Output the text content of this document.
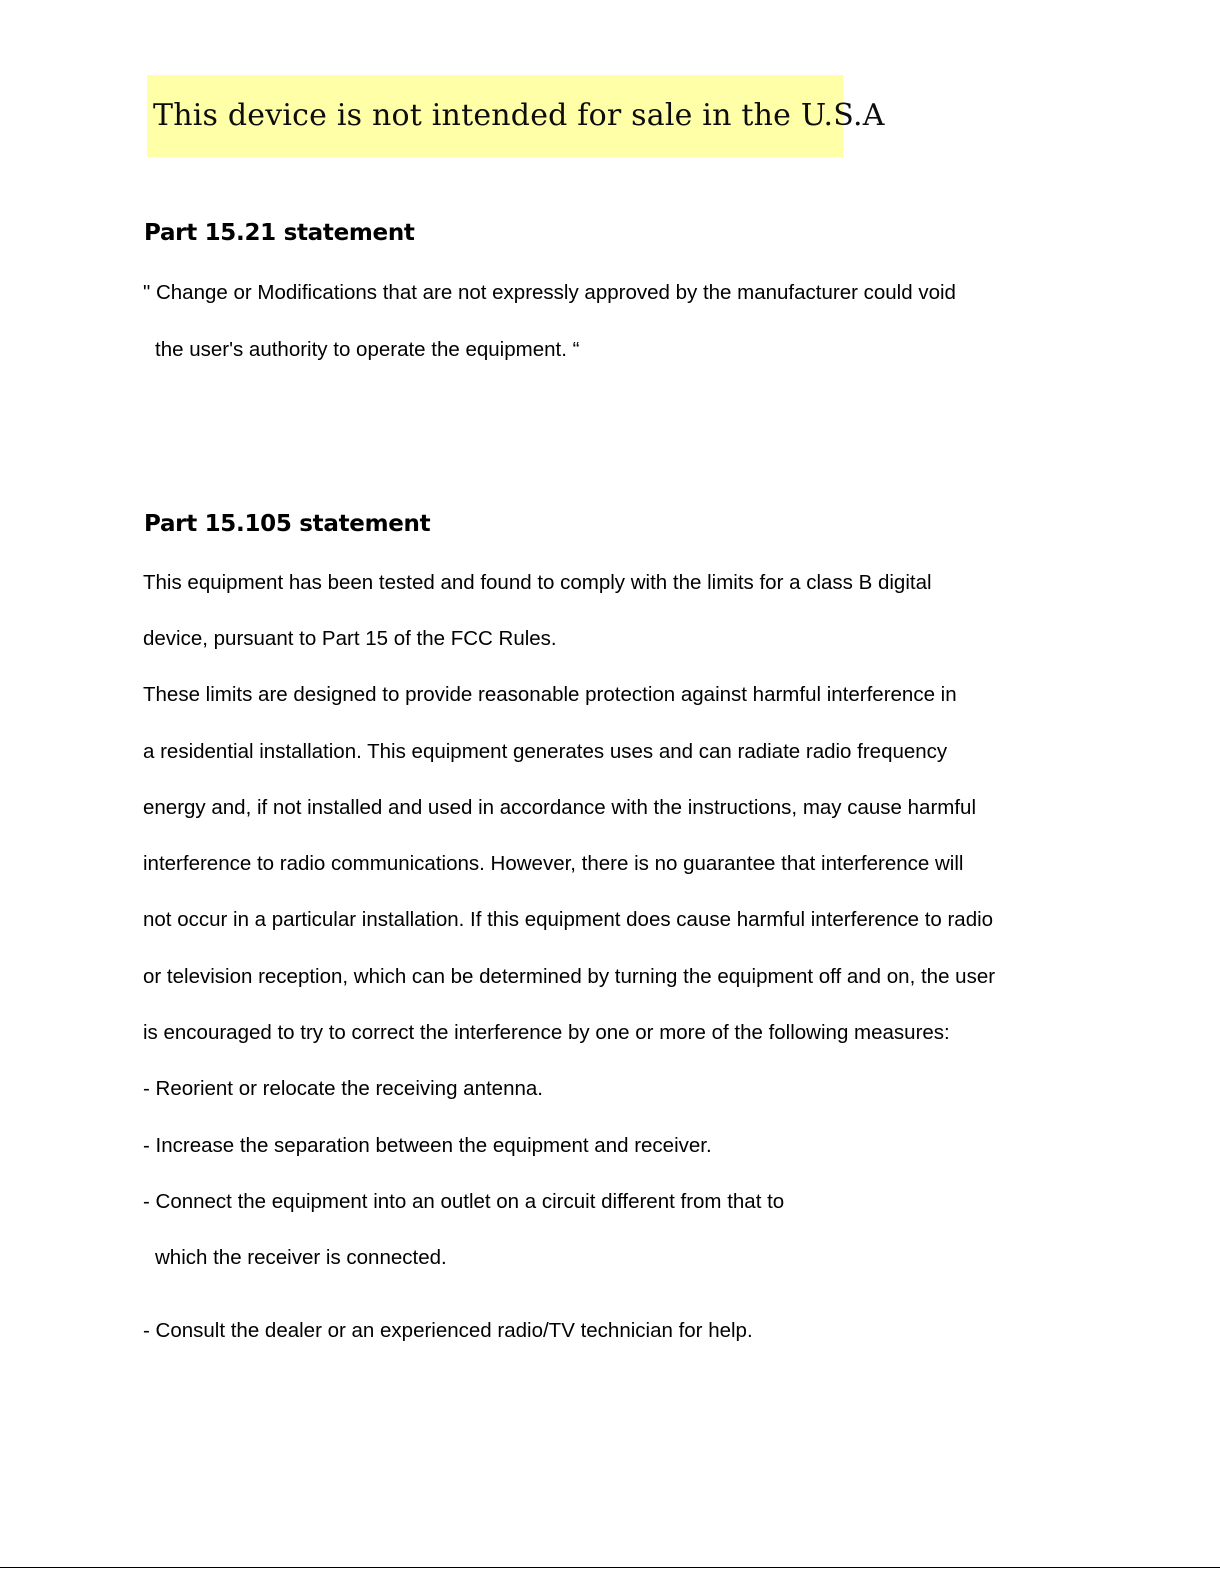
This device is not intended for sale in the U.S.A
Part 15.21 statement
" Change or Modifications that are not expressly approved by the manufacturer could void
the user's authority to operate the equipment. “
Part 15.105 statement
This equipment has been tested and found to comply with the limits for a class B digital
device, pursuant to Part 15 of the FCC Rules.
These limits are designed to provide reasonable protection against harmful interference in
a residential installation. This equipment generates uses and can radiate radio frequency
energy and, if not installed and used in accordance with the instructions, may cause harmful
interference to radio communications. However, there is no guarantee that interference will
not occur in a particular installation. If this equipment does cause harmful interference to radio
or television reception, which can be determined by turning the equipment off and on, the user
is encouraged to try to correct the interference by one or more of the following measures:
- Reorient or relocate the receiving antenna.
- Increase the separation between the equipment and receiver.
- Connect the equipment into an outlet on a circuit different from that to
which the receiver is connected.
- Consult the dealer or an experienced radio/TV technician for help.
